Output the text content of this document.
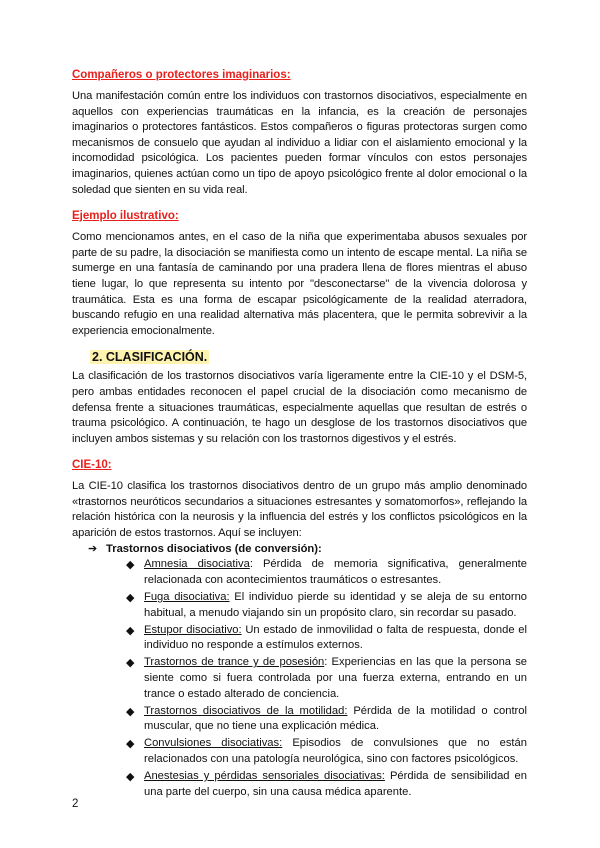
Compañeros o protectores imaginarios:

Una manifestación común entre los individuos con trastornos disociativos, especialmente en aquellos con experiencias traumáticas en la infancia, es la creación de personajes imaginarios o protectores fantásticos. Estos compañeros o figuras protectoras surgen como mecanismos de consuelo que ayudan al individuo a lidiar con el aislamiento emocional y la incomodidad psicológica. Los pacientes pueden formar vínculos con estos personajes imaginarios, quienes actúan como un tipo de apoyo psicológico frente al dolor emocional o la soledad que sienten en su vida real.

Ejemplo ilustrativo:

Como mencionamos antes, en el caso de la niña que experimentaba abusos sexuales por parte de su padre, la disociación se manifiesta como un intento de escape mental. La niña se sumerge en una fantasía de caminando por una pradera llena de flores mientras el abuso tiene lugar, lo que representa su intento por "desconectarse" de la vivencia dolorosa y traumática. Esta es una forma de escapar psicológicamente de la realidad aterradora, buscando refugio en una realidad alternativa más placentera, que le permita sobrevivir a la experiencia emocionalmente.

2. CLASIFICACIÓN.

La clasificación de los trastornos disociativos varía ligeramente entre la CIE-10 y el DSM-5, pero ambas entidades reconocen el papel crucial de la disociación como mecanismo de defensa frente a situaciones traumáticas, especialmente aquellas que resultan de estrés o trauma psicológico. A continuación, te hago un desglose de los trastornos disociativos que incluyen ambos sistemas y su relación con los trastornos digestivos y el estrés.

CIE-10:

La CIE-10 clasifica los trastornos disociativos dentro de un grupo más amplio denominado «trastornos neuróticos secundarios a situaciones estresantes y somatomorfos», reflejando la relación histórica con la neurosis y la influencia del estrés y los conflictos psicológicos en la aparición de estos trastornos. Aquí se incluyen:

➔ Trastornos disociativos (de conversión):
◆ Amnesia disociativa: Pérdida de memoria significativa, generalmente relacionada con acontecimientos traumáticos o estresantes.
◆ Fuga disociativa: El individuo pierde su identidad y se aleja de su entorno habitual, a menudo viajando sin un propósito claro, sin recordar su pasado.
◆ Estupor disociativo: Un estado de inmovilidad o falta de respuesta, donde el individuo no responde a estímulos externos.
◆ Trastornos de trance y de posesión: Experiencias en las que la persona se siente como si fuera controlada por una fuerza externa, entrando en un trance o estado alterado de conciencia.
◆ Trastornos disociativos de la motilidad: Pérdida de la motilidad o control muscular, que no tiene una explicación médica.
◆ Convulsiones disociativas: Episodios de convulsiones que no están relacionados con una patología neurológica, sino con factores psicológicos.
◆ Anestesias y pérdidas sensoriales disociativas: Pérdida de sensibilidad en una parte del cuerpo, sin una causa médica aparente.
2
